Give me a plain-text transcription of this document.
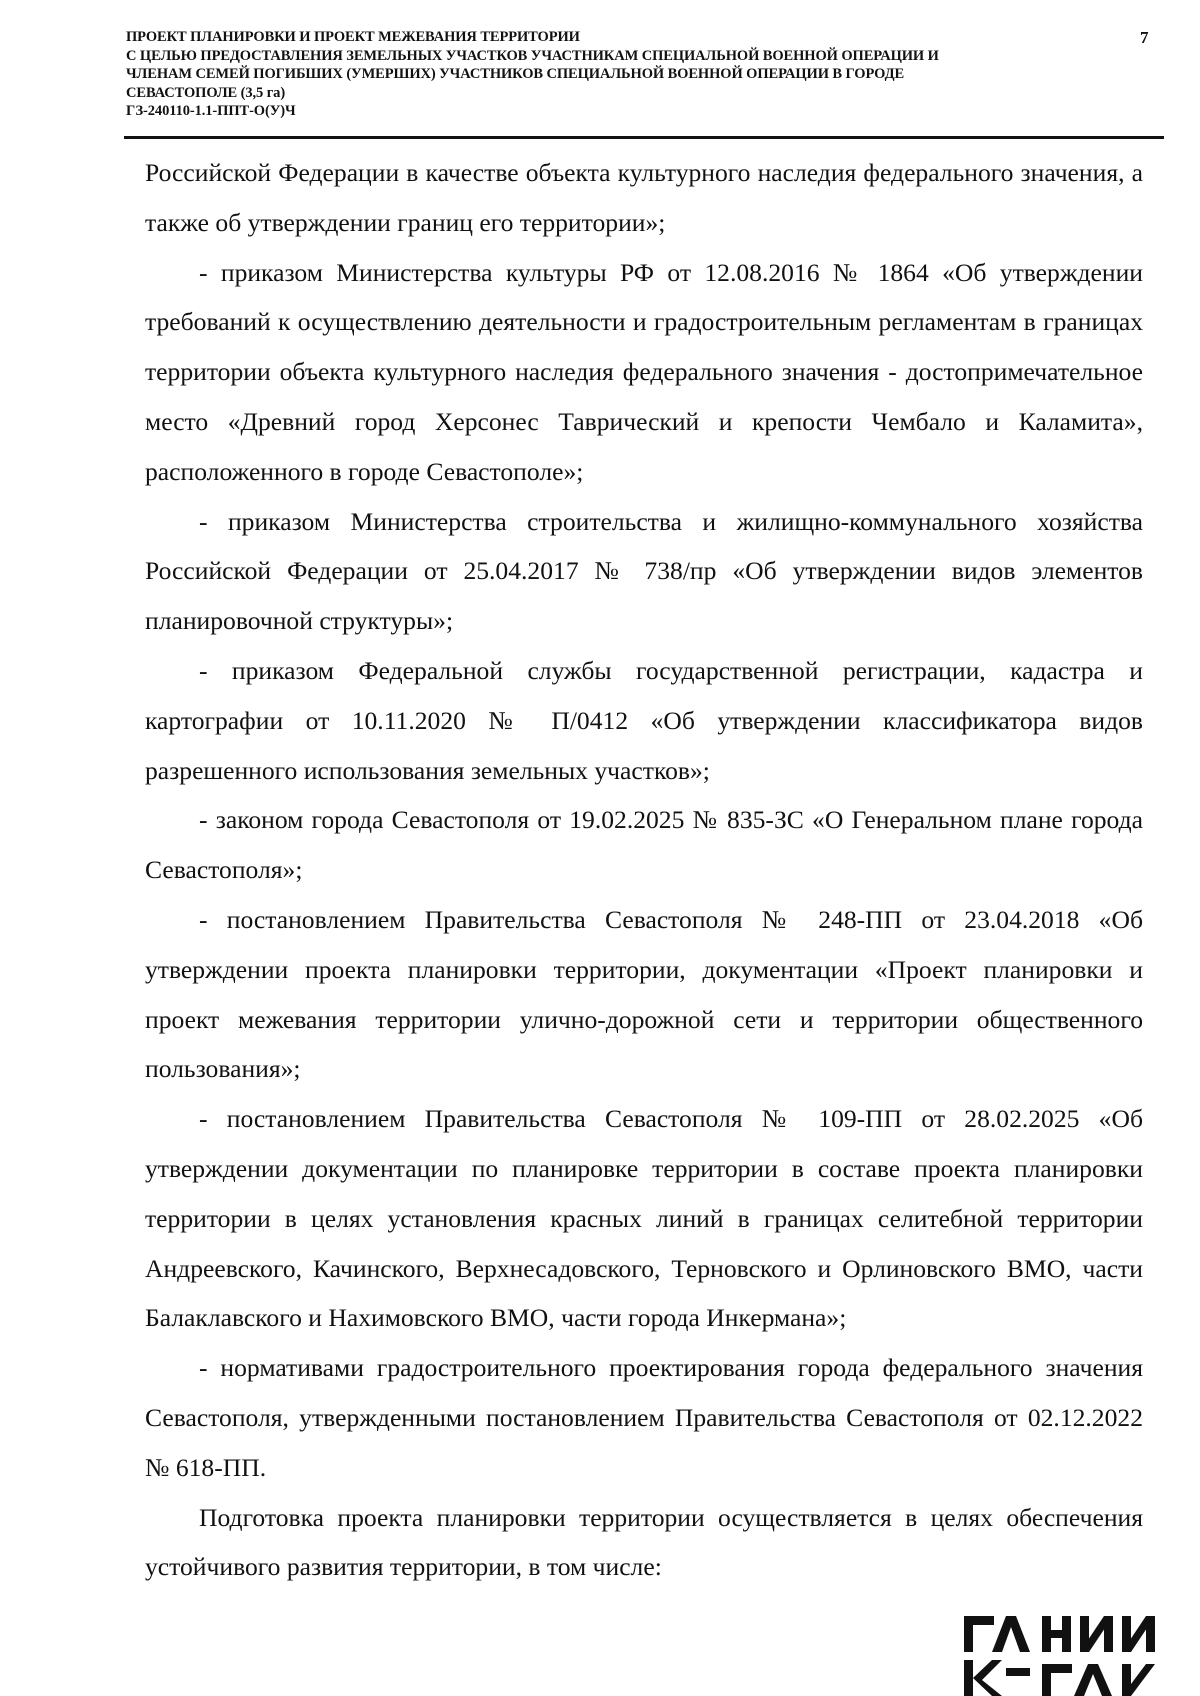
ПРОЕКТ ПЛАНИРОВКИ И ПРОЕКТ МЕЖЕВАНИЯ ТЕРРИТОРИИ
С ЦЕЛЬЮ ПРЕДОСТАВЛЕНИЯ ЗЕМЕЛЬНЫХ УЧАСТКОВ УЧАСТНИКАМ СПЕЦИАЛЬНОЙ ВОЕННОЙ ОПЕРАЦИИ И
ЧЛЕНАМ СЕМЕЙ ПОГИБШИХ (УМЕРШИХ) УЧАСТНИКОВ СПЕЦИАЛЬНОЙ ВОЕННОЙ ОПЕРАЦИИ В ГОРОДЕ
СЕВАСТОПОЛЕ (3,5 га)
ГЗ-240110-1.1-ППТ-О(У)Ч
7

Российской Федерации в качестве объекта культурного наследия федерального значения, а также об утверждении границ его территории»;

- приказом Министерства культуры РФ от 12.08.2016 № 1864 «Об утверждении требований к осуществлению деятельности и градостроительным регламентам в границах территории объекта культурного наследия федерального значения - достопримечательное место «Древний город Херсонес Таврический и крепости Чембало и Каламита», расположенного в городе Севастополе»;

- приказом Министерства строительства и жилищно-коммунального хозяйства Российской Федерации от 25.04.2017 № 738/пр «Об утверждении видов элементов планировочной структуры»;

- приказом Федеральной службы государственной регистрации, кадастра и картографии от 10.11.2020 № П/0412 «Об утверждении классификатора видов разрешенного использования земельных участков»;

- законом города Севастополя от 19.02.2025 № 835-ЗС «О Генеральном плане города Севастополя»;

- постановлением Правительства Севастополя № 248-ПП от 23.04.2018 «Об утверждении проекта планировки территории, документации «Проект планировки и проект межевания территории улично-дорожной сети и территории общественного пользования»;

- постановлением Правительства Севастополя № 109-ПП от 28.02.2025 «Об утверждении документации по планировке территории в составе проекта планировки территории в целях установления красных линий в границах селитебной территории Андреевского, Качинского, Верхнесадовского, Терновского и Орлиновского ВМО, части Балаклавского и Нахимовского ВМО, части города Инкермана»;

- нормативами градостроительного проектирования города федерального значения Севастополя, утвержденными постановлением Правительства Севастополя от 02.12.2022 № 618-ПП.

Подготовка проекта планировки территории осуществляется в целях обеспечения устойчивого развития территории, в том числе:
